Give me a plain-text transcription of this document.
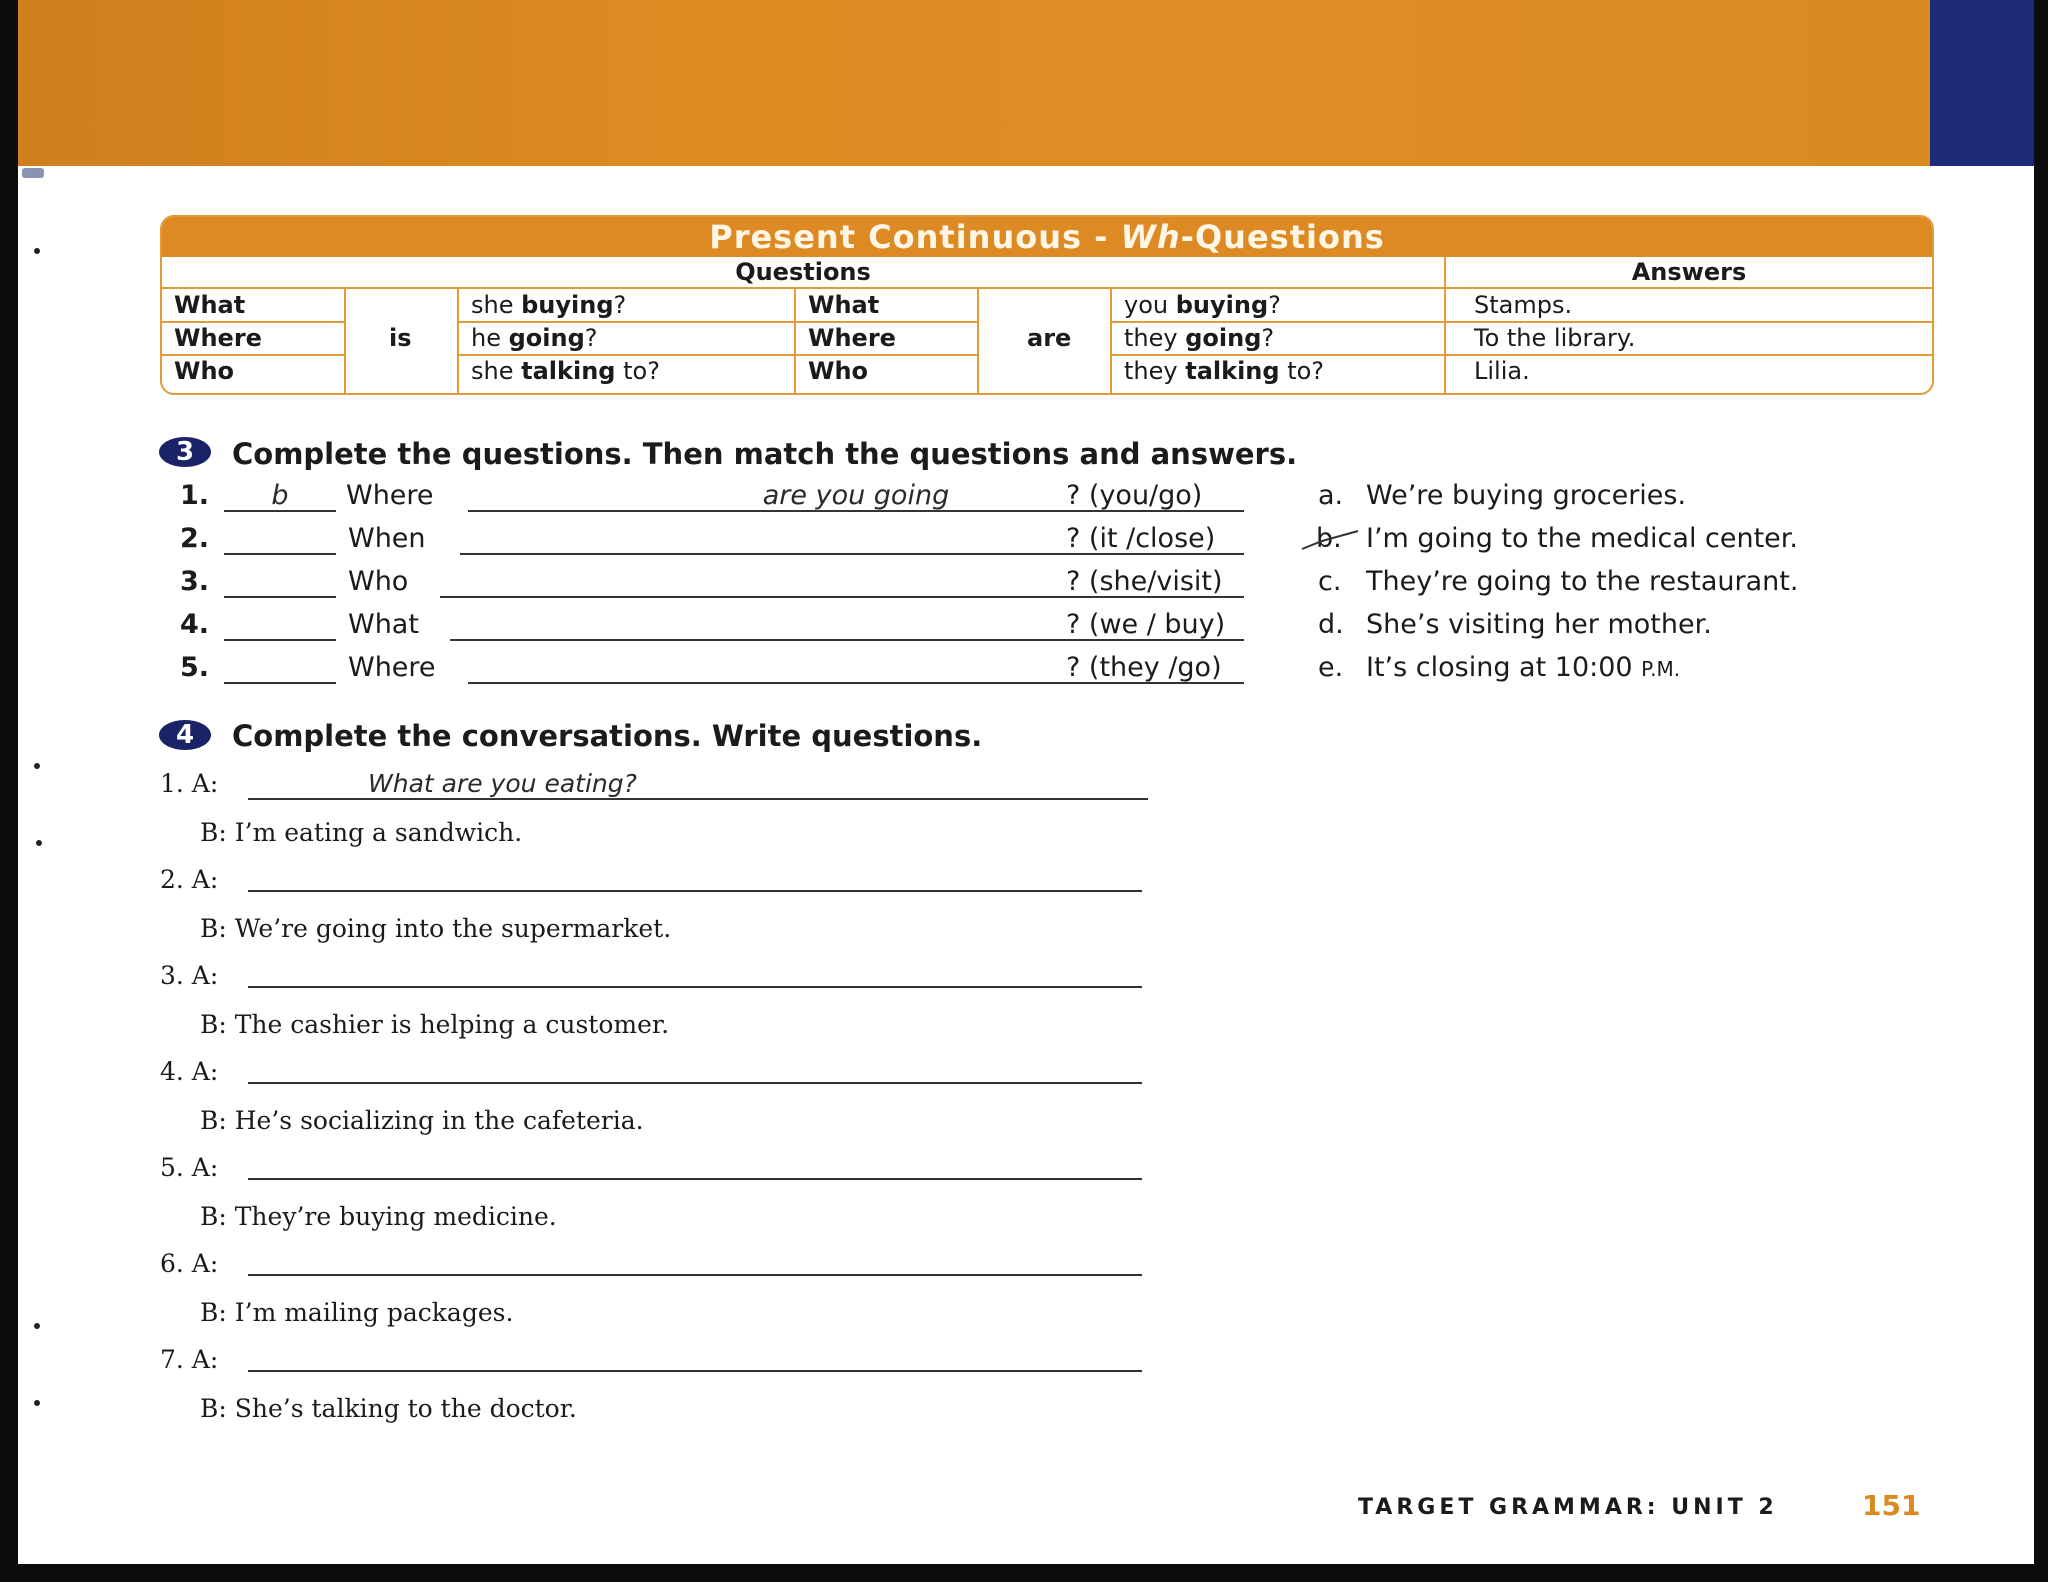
Present Continuous - Wh-Questions
Questions	Answers
What	she buying?	What	you buying?	Stamps.
Where	is	he going?	Where	are	they going?	To the library.
Who	she talking to?	Who	they talking to?	Lilia.
3	Complete the questions. Then match the questions and answers.
1.	b	Where	are you going	? (you/go)
2.	When	? (it /close)
3.	Who	? (she/visit)
4.	What	? (we / buy)
5.	Where	? (they /go)
a. We’re buying groceries.
b. I’m going to the medical center.
c. They’re going to the restaurant.
d. She’s visiting her mother.
e. It’s closing at 10:00 P.M.
4	Complete the conversations. Write questions.
1. A:	What are you eating?
B: I’m eating a sandwich.
2. A:
B: We’re going into the supermarket.
3. A:
B: The cashier is helping a customer.
4. A:
B: He’s socializing in the cafeteria.
5. A:
B: They’re buying medicine.
6. A:
B: I’m mailing packages.
7. A:
B: She’s talking to the doctor.
TARGET GRAMMAR: UNIT 2	151
